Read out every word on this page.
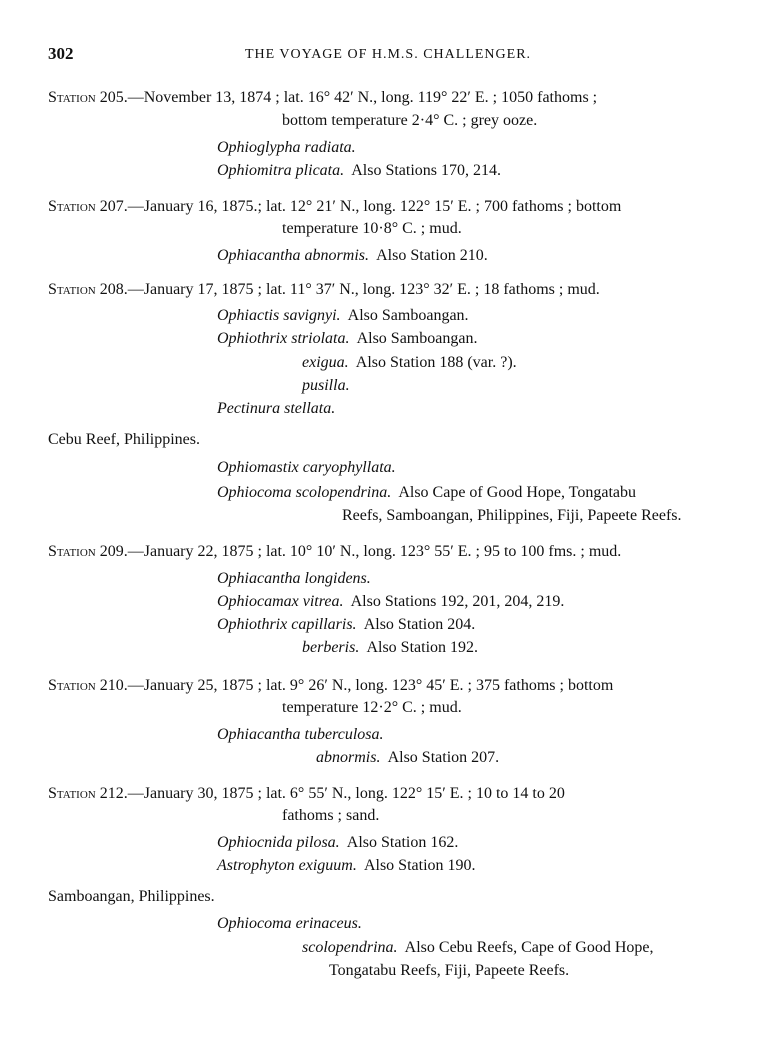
302	THE VOYAGE OF H.M.S. CHALLENGER.
Station 205.—November 13, 1874 ; lat. 16° 42′ N., long. 119° 22′ E. ; 1050 fathoms ;
bottom temperature 2·4° C. ; grey ooze.
Ophioglypha radiata.
Ophiomitra plicata. Also Stations 170, 214.
Station 207.—January 16, 1875.; lat. 12° 21′ N., long. 122° 15′ E. ; 700 fathoms ; bottom
temperature 10·8° C. ; mud.
Ophiacantha abnormis. Also Station 210.
Station 208.—January 17, 1875 ; lat. 11° 37′ N., long. 123° 32′ E. ; 18 fathoms ; mud.
Ophiactis savignyi. Also Samboangan.
Ophiothrix striolata. Also Samboangan.
exigua. Also Station 188 (var. ?).
pusilla.
Pectinura stellata.
Cebu Reef, Philippines.
Ophiomastix caryophyllata.
Ophiocoma scolopendrina. Also Cape of Good Hope, Tongatabu
Reefs, Samboangan, Philippines, Fiji, Papeete Reefs.
Station 209.—January 22, 1875 ; lat. 10° 10′ N., long. 123° 55′ E. ; 95 to 100 fms. ; mud.
Ophiacantha longidens.
Ophiocamax vitrea. Also Stations 192, 201, 204, 219.
Ophiothrix capillaris. Also Station 204.
berberis. Also Station 192.
Station 210.—January 25, 1875 ; lat. 9° 26′ N., long. 123° 45′ E. ; 375 fathoms ; bottom
temperature 12·2° C. ; mud.
Ophiacantha tuberculosa.
abnormis. Also Station 207.
Station 212.—January 30, 1875 ; lat. 6° 55′ N., long. 122° 15′ E. ; 10 to 14 to 20
fathoms ; sand.
Ophiocnida pilosa. Also Station 162.
Astrophyton exiguum. Also Station 190.
Samboangan, Philippines.
Ophiocoma erinaceus.
scolopendrina. Also Cebu Reefs, Cape of Good Hope,
Tongatabu Reefs, Fiji, Papeete Reefs.
